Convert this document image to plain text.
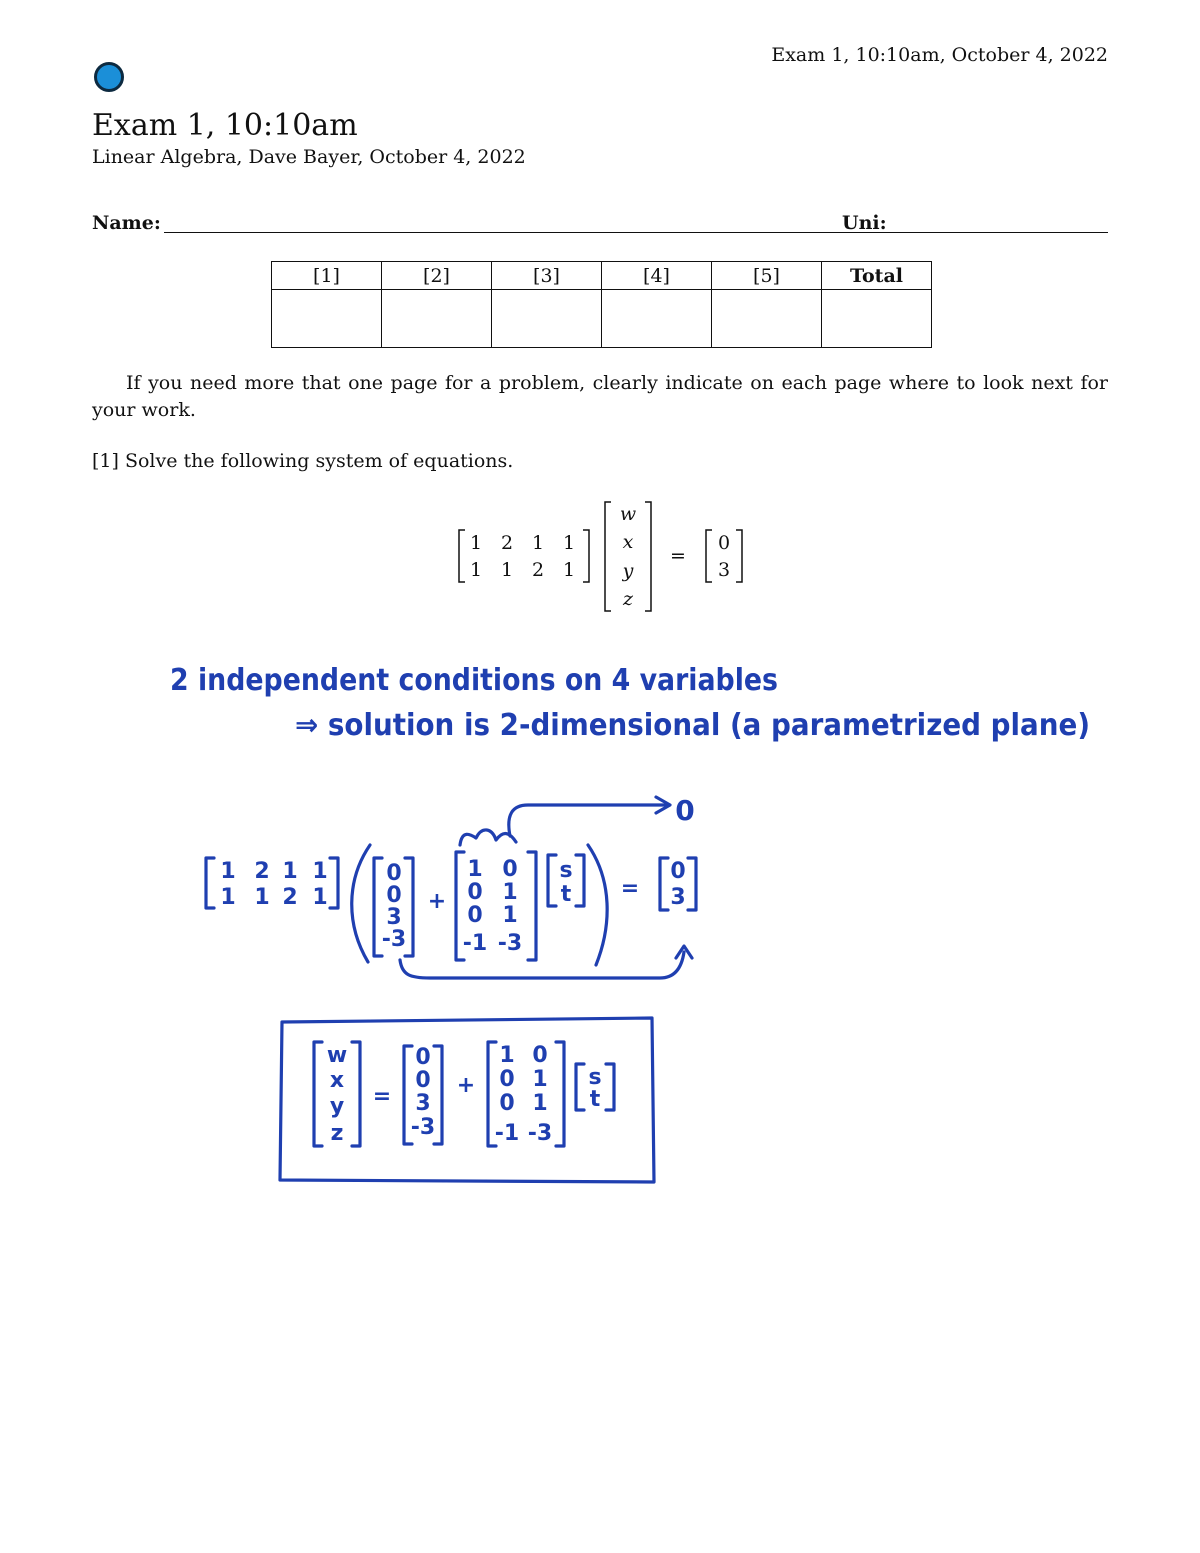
Exam 1, 10:10am, October 4, 2022
Exam 1, 10:10am
Linear Algebra, Dave Bayer, October 4, 2022
Name:	Uni:
[1]	[2]	[3]	[4]	[5]	Total

If you need more that one page for a problem, clearly indicate on each page where to look next for your work.
[1] Solve the following system of equations.
1 2 1 1
1 1 2 1
w
x
y
z
=
0
3
2 independent conditions on 4 variables
⇒ solution is 2-dimensional (a parametrized plane)
0
1 2 1 1
1 1 2 1
0
0
3
-3
+
1 0
0 1
0 1
-1 -3
s
t =
0
3
w
x
y
z
=
0
0
3
-3
+
1 0
0 1
0 1
-1 -3
s
t
